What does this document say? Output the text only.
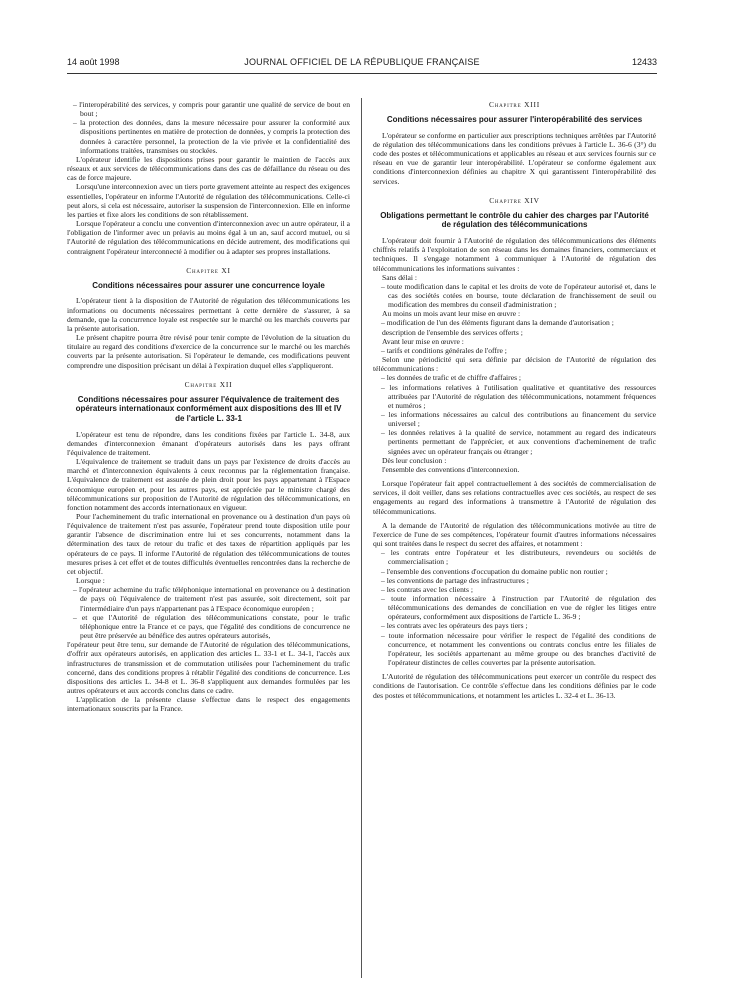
14 août 1998	JOURNAL OFFICIEL DE LA RÉPUBLIQUE FRANÇAISE	12433

– l'interopérabilité des services, y compris pour garantir une qualité de service de bout en bout ;

– la protection des données, dans la mesure nécessaire pour assurer la conformité aux dispositions pertinentes en matière de protection de données, y compris la protection des données à caractère personnel, la protection de la vie privée et la confidentialité des informations traitées, transmises ou stockées.

L'opérateur identifie les dispositions prises pour garantir le maintien de l'accès aux réseaux et aux services de télécommunications dans des cas de défaillance du réseau ou des cas de force majeure.

Lorsqu'une interconnexion avec un tiers porte gravement atteinte au respect des exigences essentielles, l'opérateur en informe l'Autorité de régulation des télécommunications. Celle-ci peut alors, si cela est nécessaire, autoriser la suspension de l'interconnexion. Elle en informe les parties et fixe alors les conditions de son rétablissement.

Lorsque l'opérateur a conclu une convention d'interconnexion avec un autre opérateur, il a l'obligation de l'informer avec un préavis au moins égal à un an, sauf accord mutuel, ou si l'Autorité de régulation des télécommunications en décide autrement, des modifications qui contraignent l'opérateur interconnecté à modifier ou à adapter ses propres installations.

Chapitre XI
Conditions nécessaires pour assurer une concurrence loyale

L'opérateur tient à la disposition de l'Autorité de régulation des télécommunications les informations ou documents nécessaires permettant à cette dernière de s'assurer, à sa demande, que la concurrence loyale est respectée sur le marché ou les marchés couverts par la présente autorisation.

Le présent chapitre pourra être révisé pour tenir compte de l'évolution de la situation du titulaire au regard des conditions d'exercice de la concurrence sur le marché ou les marchés couverts par la présente autorisation. Si l'opérateur le demande, ces modifications peuvent comprendre une disposition précisant un délai à l'expiration duquel elles s'appliqueront.

Chapitre XII
Conditions nécessaires pour assurer l'équivalence de traitement des opérateurs internationaux conformément aux dispositions des III et IV de l'article L. 33-1

L'opérateur est tenu de répondre, dans les conditions fixées par l'article L. 34-8, aux demandes d'interconnexion émanant d'opérateurs autorisés dans les pays offrant l'équivalence de traitement.

L'équivalence de traitement se traduit dans un pays par l'existence de droits d'accès au marché et d'interconnexion équivalents à ceux reconnus par la réglementation française. L'équivalence de traitement est assurée de plein droit pour les pays appartenant à l'Espace économique européen et, pour les autres pays, est appréciée par le ministre chargé des télécommunications sur proposition de l'Autorité de régulation des télécommunications, en fonction notamment des accords internationaux en vigueur.

Pour l'acheminement du trafic international en provenance ou à destination d'un pays où l'équivalence de traitement n'est pas assurée, l'opérateur prend toute disposition utile pour garantir l'absence de discrimination entre lui et ses concurrents, notamment dans la détermination des taux de retour du trafic et des taxes de répartition appliqués par les opérateurs de ce pays. Il informe l'Autorité de régulation des télécommunications de toutes mesures prises à cet effet et de toutes difficultés éventuelles rencontrées dans la recherche de cet objectif.

Lorsque :

– l'opérateur achemine du trafic téléphonique international en provenance ou à destination de pays où l'équivalence de traitement n'est pas assurée, soit directement, soit par l'intermédiaire d'un pays n'appartenant pas à l'Espace économique européen ;

– et que l'Autorité de régulation des télécommunications constate, pour le trafic téléphonique entre la France et ce pays, que l'égalité des conditions de concurrence ne peut être préservée au bénéfice des autres opérateurs autorisés,

l'opérateur peut être tenu, sur demande de l'Autorité de régulation des télécommunications, d'offrir aux opérateurs autorisés, en application des articles L. 33-1 et L. 34-1, l'accès aux infrastructures de transmission et de commutation utilisées pour l'acheminement du trafic concerné, dans des conditions propres à rétablir l'égalité des conditions de concurrence. Les dispositions des articles L. 34-8 et L. 36-8 s'appliquent aux demandes formulées par les autres opérateurs et aux accords conclus dans ce cadre.

L'application de la présente clause s'effectue dans le respect des engagements internationaux souscrits par la France.

Chapitre XIII
Conditions nécessaires pour assurer l'interopérabilité des services

L'opérateur se conforme en particulier aux prescriptions techniques arrêtées par l'Autorité de régulation des télécommunications dans les conditions prévues à l'article L. 36-6 (3°) du code des postes et télécommunications et applicables au réseau et aux services fournis sur ce réseau en vue de garantir leur interopérabilité. L'opérateur se conforme également aux conditions d'interconnexion définies au chapitre X qui garantissent l'interopérabilité des services.

Chapitre XIV
Obligations permettant le contrôle du cahier des charges par l'Autorité de régulation des télécommunications

L'opérateur doit fournir à l'Autorité de régulation des télécommunications des éléments chiffrés relatifs à l'exploitation de son réseau dans les domaines financiers, commerciaux et techniques. Il s'engage notamment à communiquer à l'Autorité de régulation des télécommunications les informations suivantes :

Sans délai :

– toute modification dans le capital et les droits de vote de l'opérateur autorisé et, dans le cas des sociétés cotées en bourse, toute déclaration de franchissement de seuil ou modification des membres du conseil d'administration ;

Au moins un mois avant leur mise en œuvre :

– modification de l'un des éléments figurant dans la demande d'autorisation ;

description de l'ensemble des services offerts ;

Avant leur mise en œuvre :

– tarifs et conditions générales de l'offre ;

Selon une périodicité qui sera définie par décision de l'Autorité de régulation des télécommunications :

– les données de trafic et de chiffre d'affaires ;

– les informations relatives à l'utilisation qualitative et quantitative des ressources attribuées par l'Autorité de régulation des télécommunications, notamment fréquences et numéros ;

– les informations nécessaires au calcul des contributions au financement du service universel ;

– les données relatives à la qualité de service, notamment au regard des indicateurs pertinents permettant de l'apprécier, et aux conventions d'acheminement de trafic signées avec un opérateur français ou étranger ;

Dès leur conclusion :

l'ensemble des conventions d'interconnexion.

Lorsque l'opérateur fait appel contractuellement à des sociétés de commercialisation de services, il doit veiller, dans ses relations contractuelles avec ces sociétés, au respect de ses engagements au regard des informations à transmettre à l'Autorité de régulation des télécommunications.

A la demande de l'Autorité de régulation des télécommunications motivée au titre de l'exercice de l'une de ses compétences, l'opérateur fournit d'autres informations nécessaires qui sont traitées dans le respect du secret des affaires, et notamment :

– les contrats entre l'opérateur et les distributeurs, revendeurs ou sociétés de commercialisation ;

– l'ensemble des conventions d'occupation du domaine public non routier ;

– les conventions de partage des infrastructures ;

– les contrats avec les clients ;

– toute information nécessaire à l'instruction par l'Autorité de régulation des télécommunications des demandes de conciliation en vue de régler les litiges entre opérateurs, conformément aux dispositions de l'article L. 36-9 ;

– les contrats avec les opérateurs des pays tiers ;

– toute information nécessaire pour vérifier le respect de l'égalité des conditions de concurrence, et notamment les conventions ou contrats conclus entre les filiales de l'opérateur, les sociétés appartenant au même groupe ou des branches d'activité de l'opérateur distinctes de celles couvertes par la présente autorisation.

L'Autorité de régulation des télécommunications peut exercer un contrôle du respect des conditions de l'autorisation. Ce contrôle s'effectue dans les conditions définies par le code des postes et télécommunications, et notamment les articles L. 32-4 et L. 36-13.
